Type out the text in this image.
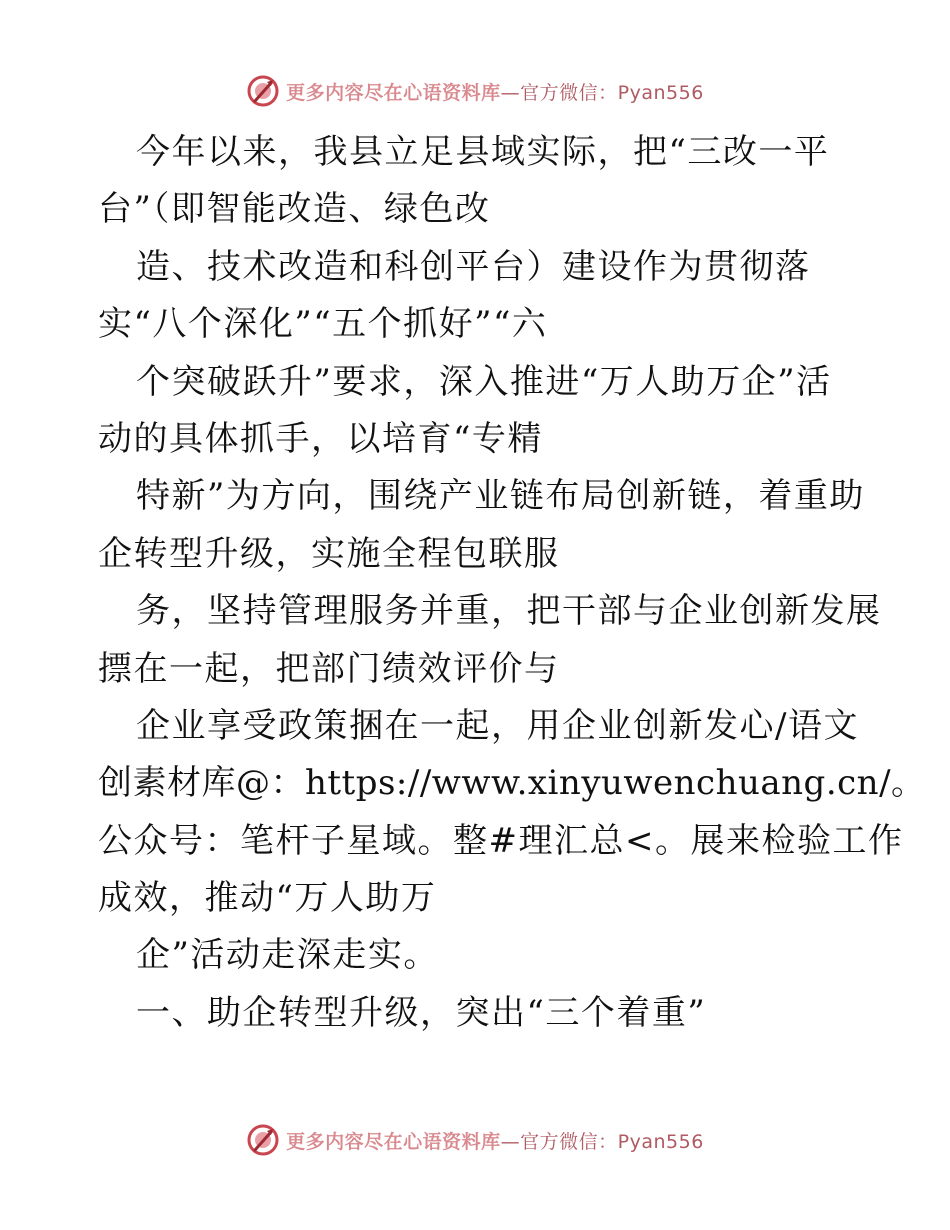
更多内容尽在心语资料库 —官方微信：Pyan556
今年以来，我县立足县域实际，把“三改一平
台”（即智能改造、绿色改
造、技术改造和科创平台）建设作为贯彻落
实“八个深化”“五个抓好”“六
个突破跃升”要求，深入推进“万人助万企”活
动的具体抓手，以培育“专精
特新”为方向，围绕产业链布局创新链，着重助
企转型升级，实施全程包联服
务，坚持管理服务并重，把干部与企业创新发展
摽在一起，把部门绩效评价与
企业享受政策捆在一起，用企业创新发心/语文
创素材库@：https://www.xinyuwenchuang.cn/。
公众号：笔杆子星域。整#理汇总<。展来检验工作
成效，推动“万人助万
企”活动走深走实。
一、助企转型升级，突出“三个着重”
更多内容尽在心语资料库 —官方微信：Pyan556
